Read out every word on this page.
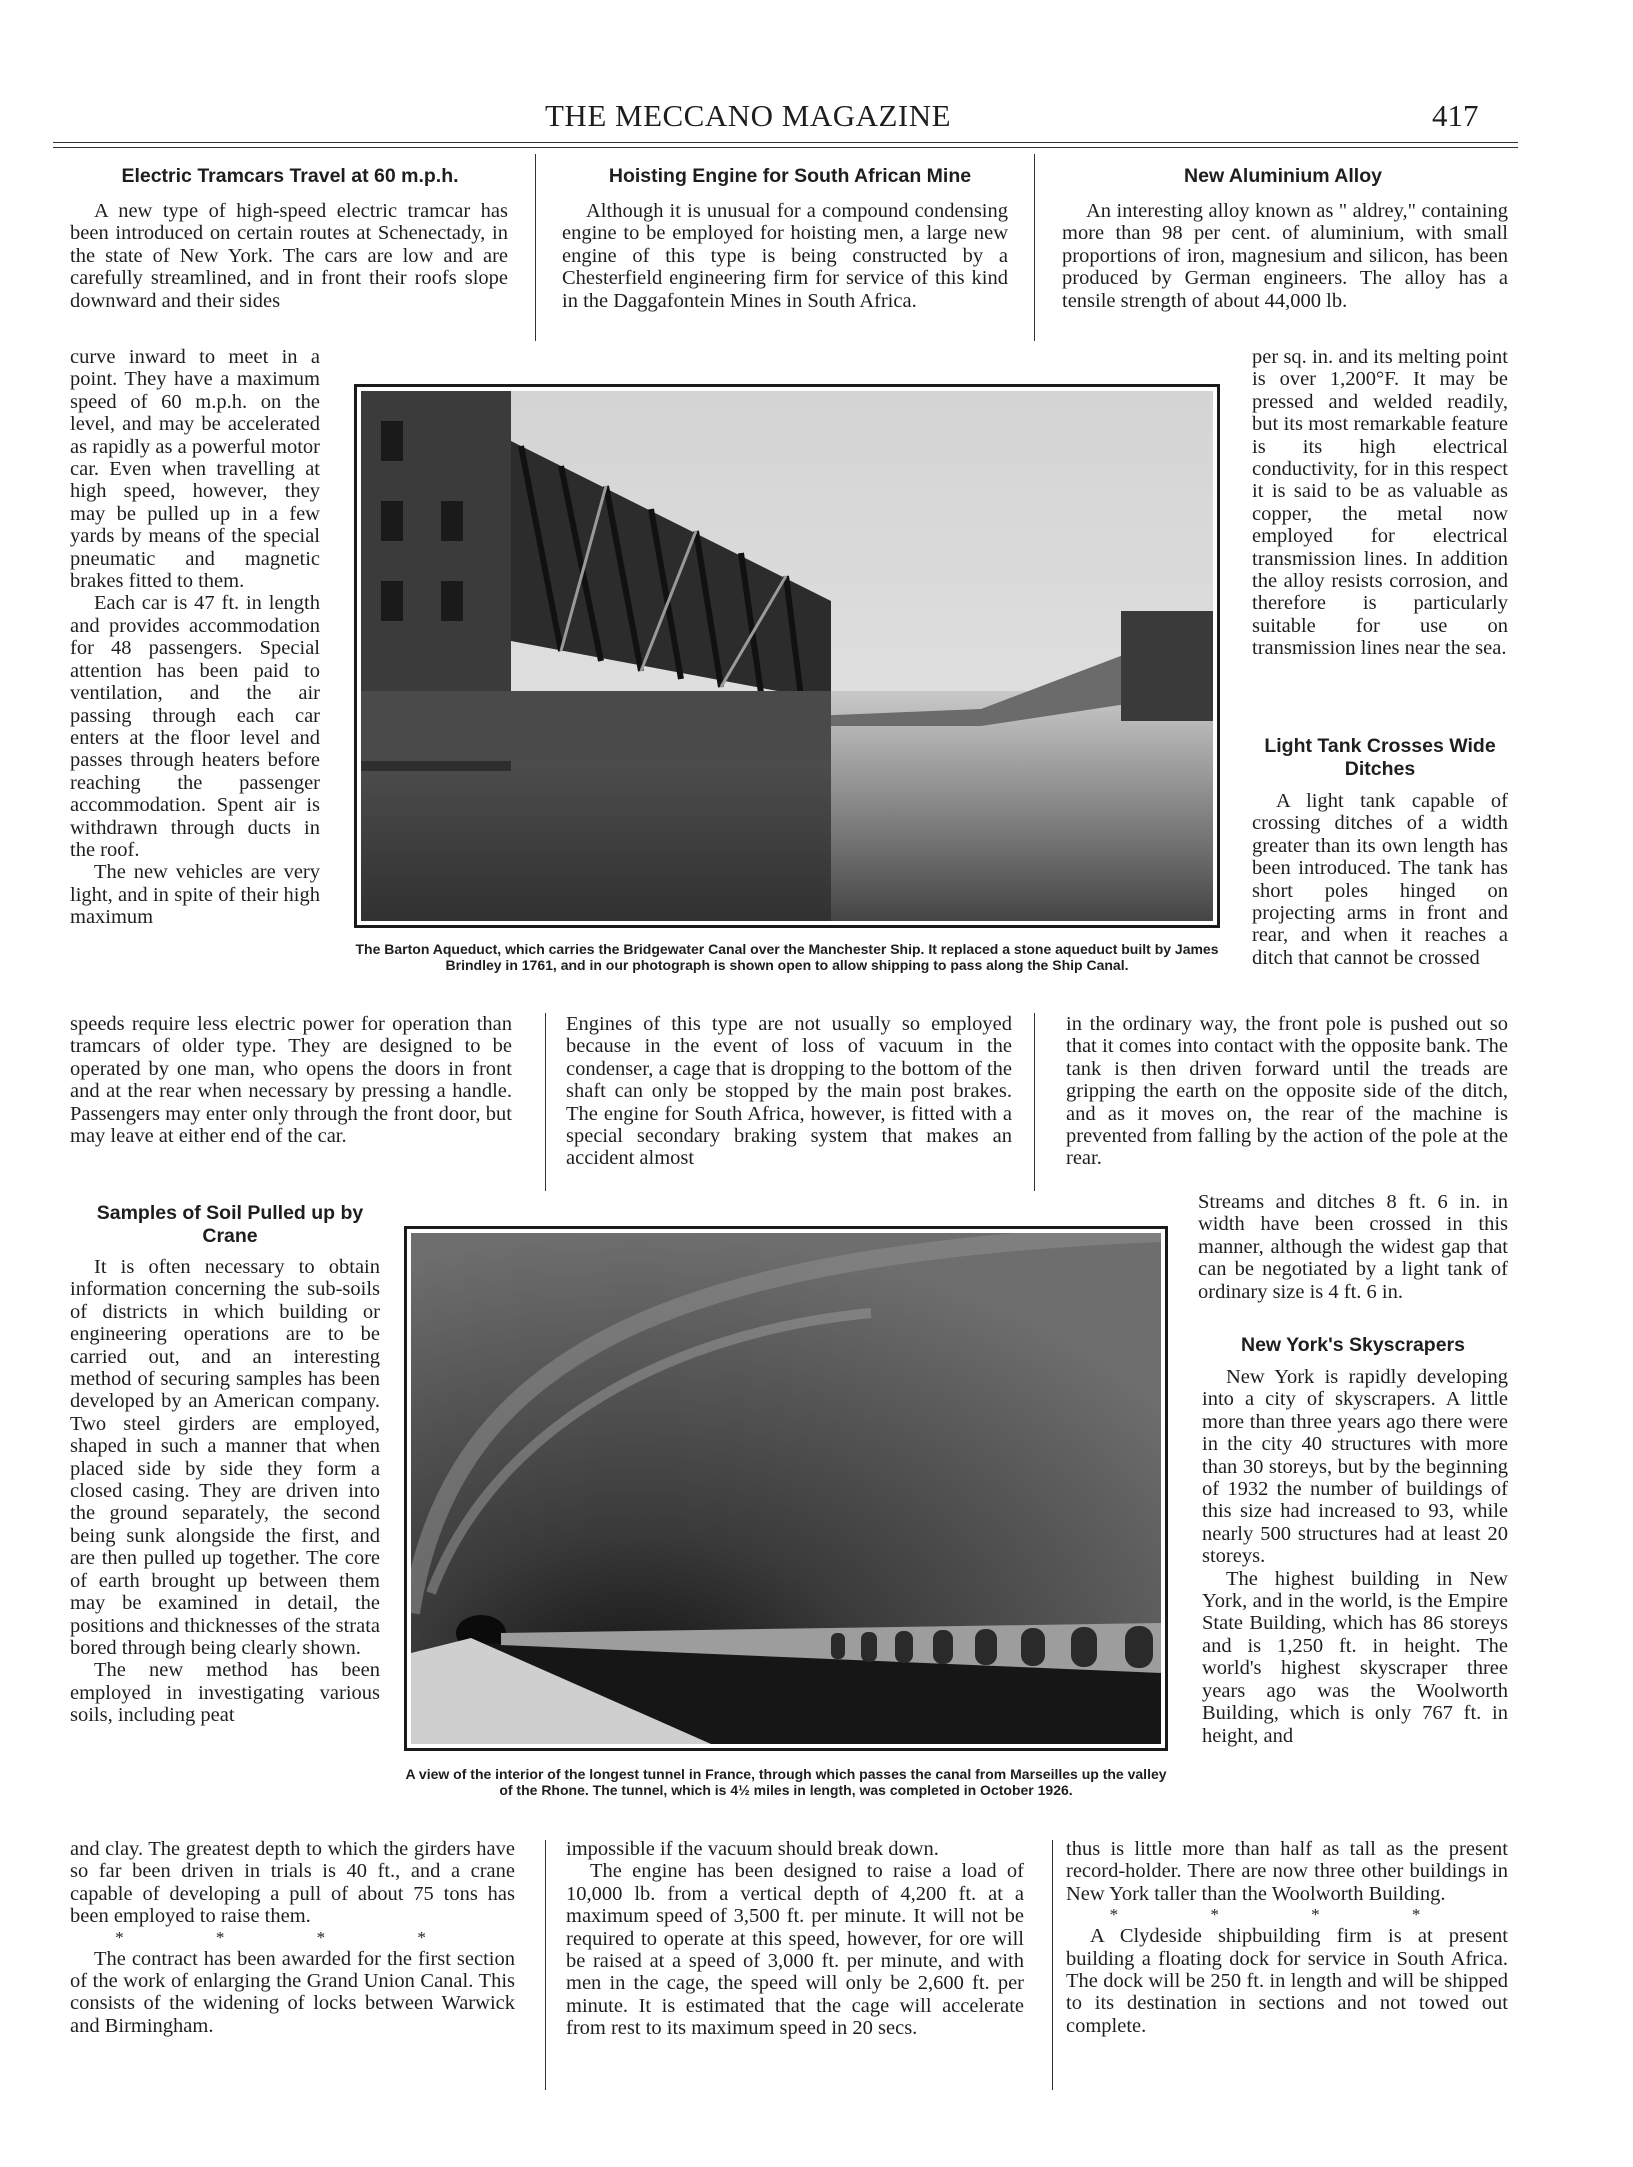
THE MECCANO MAGAZINE	417
Electric Tramcars Travel at 60 m.p.h.

A new type of high-speed electric tramcar has been introduced on certain routes at Schenectady, in the state of New York. The cars are low and are carefully streamlined, and in front their roofs slope downward and their sides

curve inward to meet in a point. They have a maximum speed of 60 m.p.h. on the level, and may be accelerated as rapidly as a powerful motor car. Even when travelling at high speed, however, they may be pulled up in a few yards by means of the special pneumatic and magnetic brakes fitted to them.

Each car is 47 ft. in length and provides accommodation for 48 passengers. Special attention has been paid to ventilation, and the air passing through each car enters at the floor level and passes through heaters before reaching the passenger accommodation. Spent air is withdrawn through ducts in the roof.

The new vehicles are very light, and in spite of their high maximum

speeds require less electric power for operation than tramcars of older type. They are designed to be operated by one man, who opens the doors in front and at the rear when necessary by pressing a handle. Passengers may enter only through the front door, but may leave at either end of the car.

Samples of Soil Pulled up by Crane

It is often necessary to obtain information concerning the sub-soils of districts in which building or engineering operations are to be carried out, and an interesting method of securing samples has been developed by an American company. Two steel girders are employed, shaped in such a manner that when placed side by side they form a closed casing. They are driven into the ground separately, the second being sunk alongside the first, and are then pulled up together. The core of earth brought up between them may be examined in detail, the positions and thicknesses of the strata bored through being clearly shown.

The new method has been employed in investigating various soils, including peat

and clay. The greatest depth to which the girders have so far been driven in trials is 40 ft., and a crane capable of developing a pull of about 75 tons has been employed to raise them.

* * * *

The contract has been awarded for the first section of the work of enlarging the Grand Union Canal. This consists of the widening of locks between Warwick and Birmingham.

Hoisting Engine for South African Mine

Although it is unusual for a compound condensing engine to be employed for hoisting men, a large new engine of this type is being constructed by a Chesterfield engineering firm for service of this kind in the Daggafontein Mines in South Africa.

Engines of this type are not usually so employed because in the event of loss of vacuum in the condenser, a cage that is dropping to the bottom of the shaft can only be stopped by the main post brakes. The engine for South Africa, however, is fitted with a special secondary braking system that makes an accident almost

impossible if the vacuum should break down.

The engine has been designed to raise a load of 10,000 lb. from a vertical depth of 4,200 ft. at a maximum speed of 3,500 ft. per minute. It will not be required to operate at this speed, however, for ore will be raised at a speed of 3,000 ft. per minute, and with men in the cage, the speed will only be 2,600 ft. per minute. It is estimated that the cage will accelerate from rest to its maximum speed in 20 secs.

New Aluminium Alloy

An interesting alloy known as " aldrey," containing more than 98 per cent. of aluminium, with small proportions of iron, magnesium and silicon, has been produced by German engineers. The alloy has a tensile strength of about 44,000 lb.

per sq. in. and its melting point is over 1,200°F. It may be pressed and welded readily, but its most remarkable feature is its high electrical conductivity, for in this respect it is said to be as valuable as copper, the metal now employed for electrical transmission lines. In addition the alloy resists corrosion, and therefore is particularly suitable for use on transmission lines near the sea.

Light Tank Crosses Wide Ditches

A light tank capable of crossing ditches of a width greater than its own length has been introduced. The tank has short poles hinged on projecting arms in front and rear, and when it reaches a ditch that cannot be crossed

in the ordinary way, the front pole is pushed out so that it comes into contact with the opposite bank. The tank is then driven forward until the treads are gripping the earth on the opposite side of the ditch, and as it moves on, the rear of the machine is prevented from falling by the action of the pole at the rear.

Streams and ditches 8 ft. 6 in. in width have been crossed in this manner, although the widest gap that can be negotiated by a light tank of ordinary size is 4 ft. 6 in.

New York's Skyscrapers

New York is rapidly developing into a city of skyscrapers. A little more than three years ago there were in the city 40 structures with more than 30 storeys, but by the beginning of 1932 the number of buildings of this size had increased to 93, while nearly 500 structures had at least 20 storeys.

The highest building in New York, and in the world, is the Empire State Building, which has 86 storeys and is 1,250 ft. in height. The world's highest skyscraper three years ago was the Woolworth Building, which is only 767 ft. in height, and

thus is little more than half as tall as the present record-holder. There are now three other buildings in New York taller than the Woolworth Building.

* * * *

A Clydeside shipbuilding firm is at present building a floating dock for service in South Africa. The dock will be 250 ft. in length and will be shipped to its destination in sections and not towed out complete.

The Barton Aqueduct, which carries the Bridgewater Canal over the Manchester Ship. It replaced a stone aqueduct built by James Brindley in 1761, and in our photograph is shown open to allow shipping to pass along the Ship Canal.
A view of the interior of the longest tunnel in France, through which passes the canal from Marseilles up the valley of the Rhone. The tunnel, which is 4½ miles in length, was completed in October 1926.
